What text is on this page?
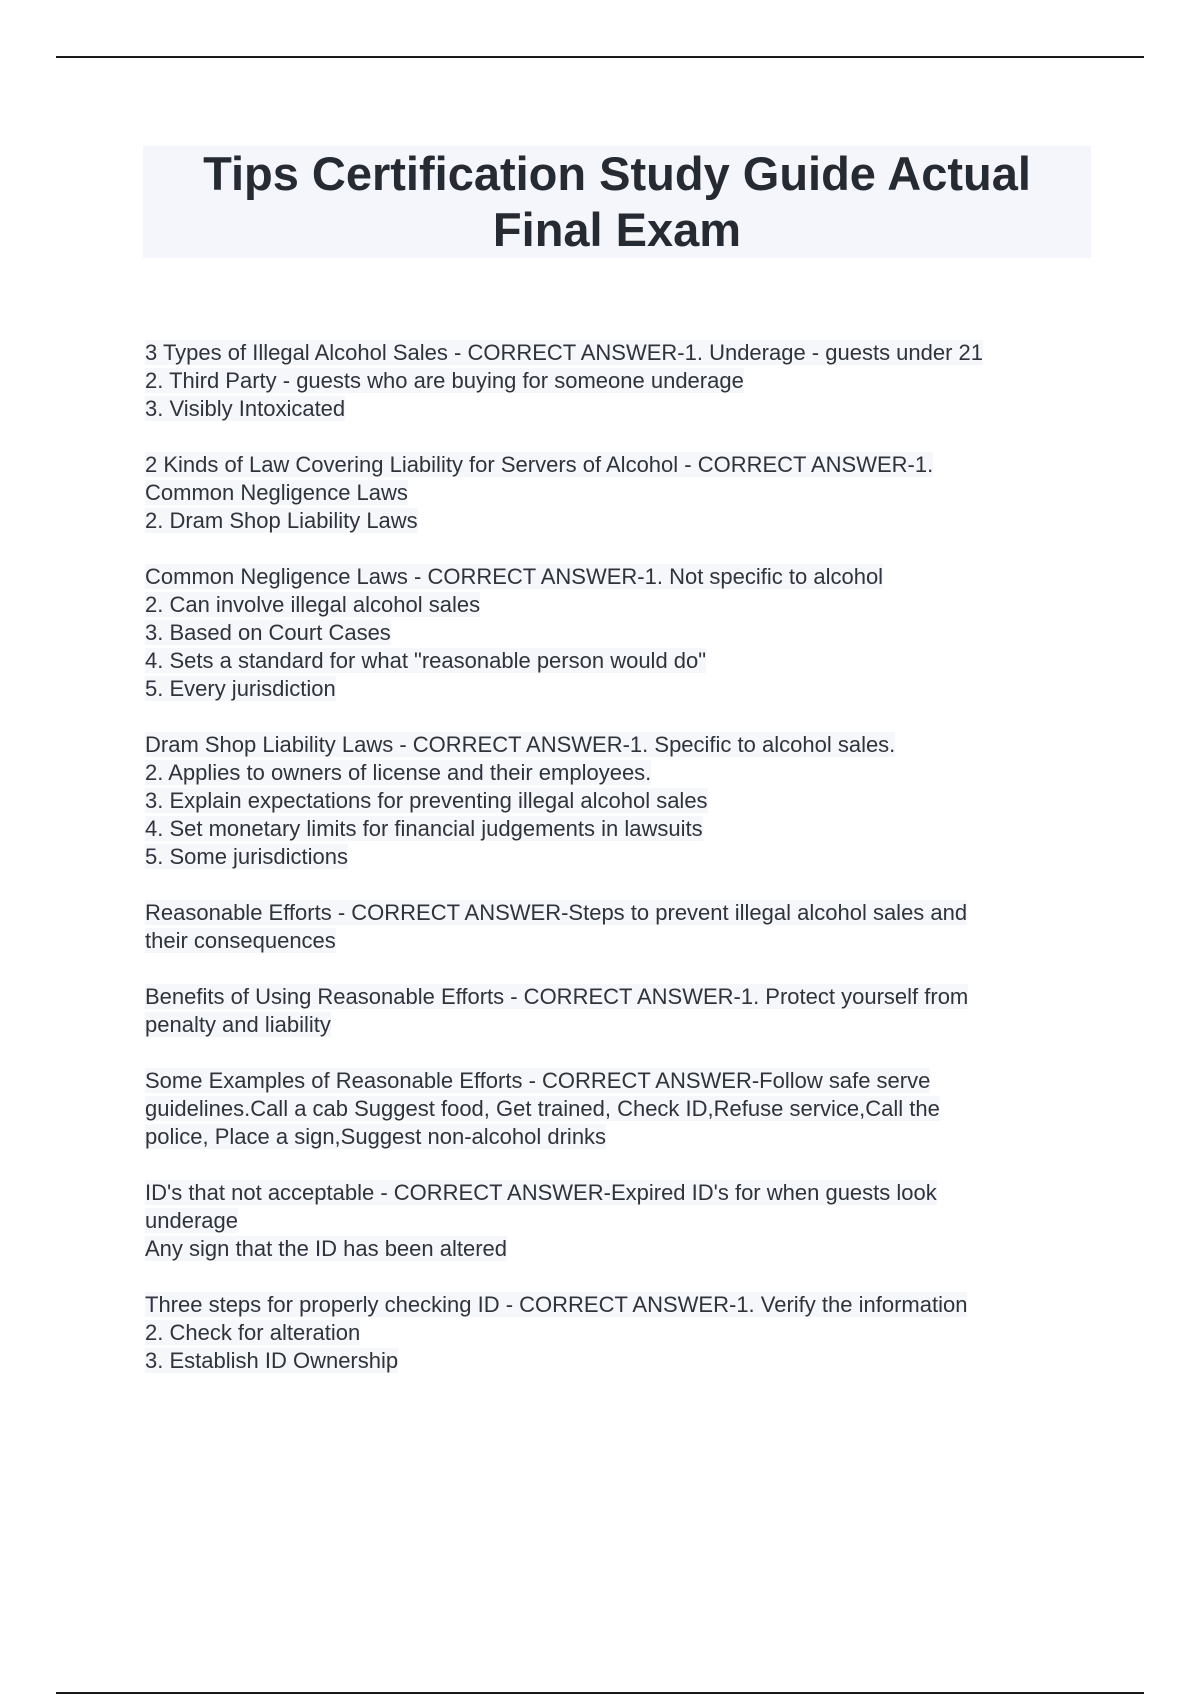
Tips Certification Study Guide Actual Final Exam
3 Types of Illegal Alcohol Sales - CORRECT ANSWER-1. Underage - guests under 21
2. Third Party - guests who are buying for someone underage
3. Visibly Intoxicated
2 Kinds of Law Covering Liability for Servers of Alcohol - CORRECT ANSWER-1.
Common Negligence Laws
2. Dram Shop Liability Laws
Common Negligence Laws - CORRECT ANSWER-1. Not specific to alcohol
2. Can involve illegal alcohol sales
3. Based on Court Cases
4. Sets a standard for what "reasonable person would do"
5. Every jurisdiction
Dram Shop Liability Laws - CORRECT ANSWER-1. Specific to alcohol sales.
2. Applies to owners of license and their employees.
3. Explain expectations for preventing illegal alcohol sales
4. Set monetary limits for financial judgements in lawsuits
5. Some jurisdictions
Reasonable Efforts - CORRECT ANSWER-Steps to prevent illegal alcohol sales and
their consequences
Benefits of Using Reasonable Efforts - CORRECT ANSWER-1. Protect yourself from
penalty and liability
Some Examples of Reasonable Efforts - CORRECT ANSWER-Follow safe serve
guidelines.Call a cab Suggest food, Get trained, Check ID,Refuse service,Call the
police, Place a sign,Suggest non-alcohol drinks
ID's that not acceptable - CORRECT ANSWER-Expired ID's for when guests look
underage
Any sign that the ID has been altered
Three steps for properly checking ID - CORRECT ANSWER-1. Verify the information
2. Check for alteration
3. Establish ID Ownership
